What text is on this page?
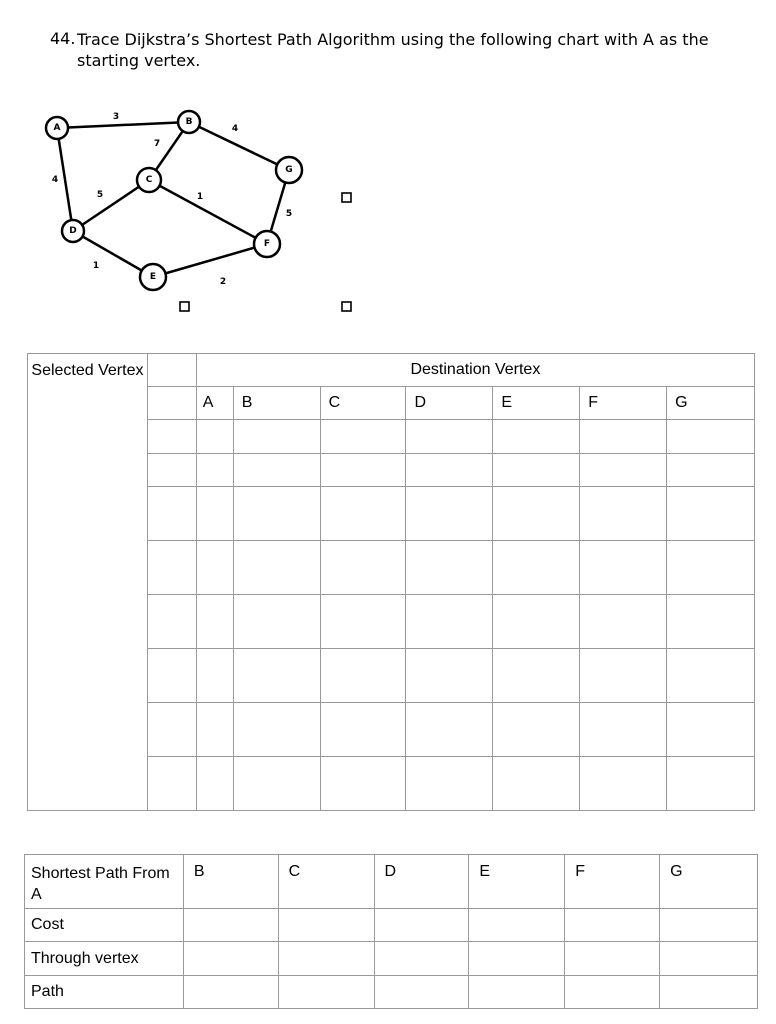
44. Trace Dijkstra’s Shortest Path Algorithm using the following chart with A as the starting vertex.
3
4
7
4
5	1
1
2
5
A
B
C
D
E
F
G
Selected Vertex		Destination Vertex						
		A	B	C	D	E	F	G

Shortest Path From A	B	C	D	E	F	G
Cost						
Through vertex						
Path						
